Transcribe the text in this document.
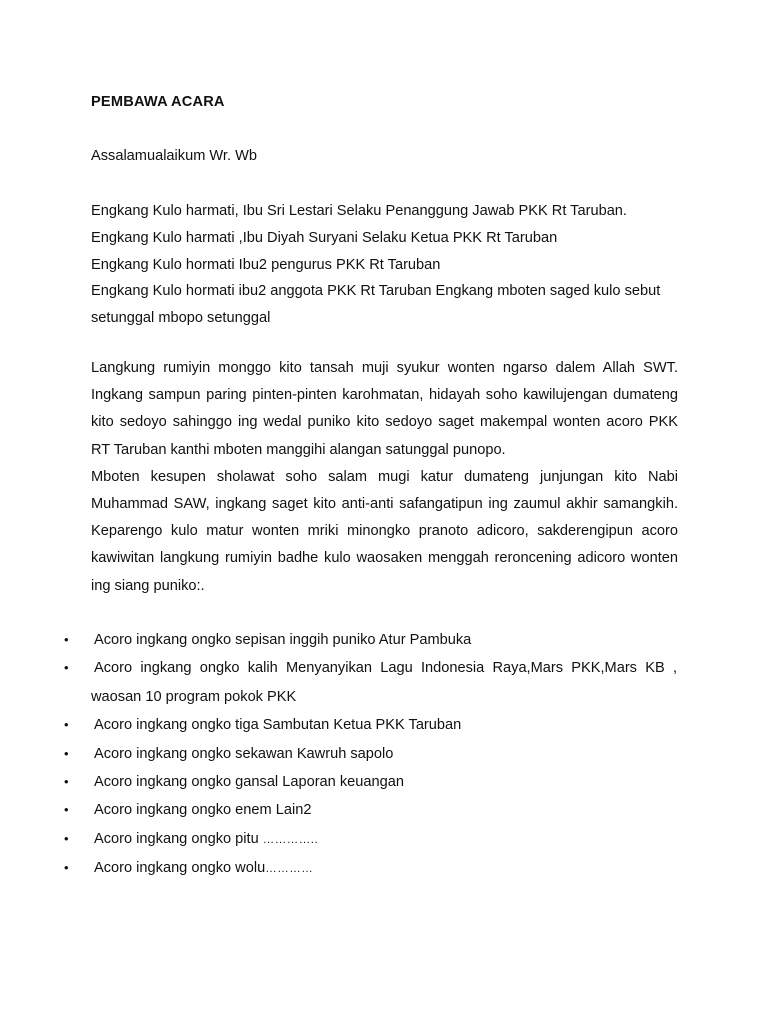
PEMBAWA ACARA
Assalamualaikum Wr. Wb

Engkang Kulo harmati, Ibu Sri Lestari Selaku Penanggung Jawab PKK Rt Taruban.

Engkang Kulo harmati ,Ibu Diyah Suryani Selaku Ketua PKK Rt Taruban

Engkang Kulo hormati Ibu2 pengurus PKK Rt Taruban

Engkang Kulo hormati ibu2 anggota PKK Rt Taruban Engkang mboten saged kulo sebut

setunggal mbopo setunggal

Langkung rumiyin monggo kito tansah muji syukur wonten ngarso dalem Allah SWT.

Ingkang sampun paring pinten-pinten karohmatan, hidayah soho kawilujengan dumateng

kito sedoyo sahinggo ing wedal puniko kito sedoyo saget makempal wonten acoro PKK

RT Taruban kanthi mboten manggihi alangan satunggal punopo.

Mboten kesupen sholawat soho salam mugi katur dumateng junjungan kito Nabi

Muhammad SAW, ingkang saget kito anti-anti safangatipun ing zaumul akhir samangkih.

Keparengo kulo matur wonten mriki minongko pranoto adicoro, sakderengipun acoro

kawiwitan langkung rumiyin badhe kulo waosaken menggah reroncening adicoro wonten

ing siang puniko:.

• Acoro ingkang ongko sepisan inggih puniko Atur Pambuka
• Acoro ingkang ongko kalih Menyanyikan Lagu Indonesia Raya,Mars PKK,Mars KB ,
waosan 10 program pokok PKK
• Acoro ingkang ongko tiga Sambutan Ketua PKK Taruban
• Acoro ingkang ongko sekawan Kawruh sapolo
• Acoro ingkang ongko gansal Laporan keuangan
• Acoro ingkang ongko enem Lain2
• Acoro ingkang ongko pitu …………..
• Acoro ingkang ongko wolu…………
